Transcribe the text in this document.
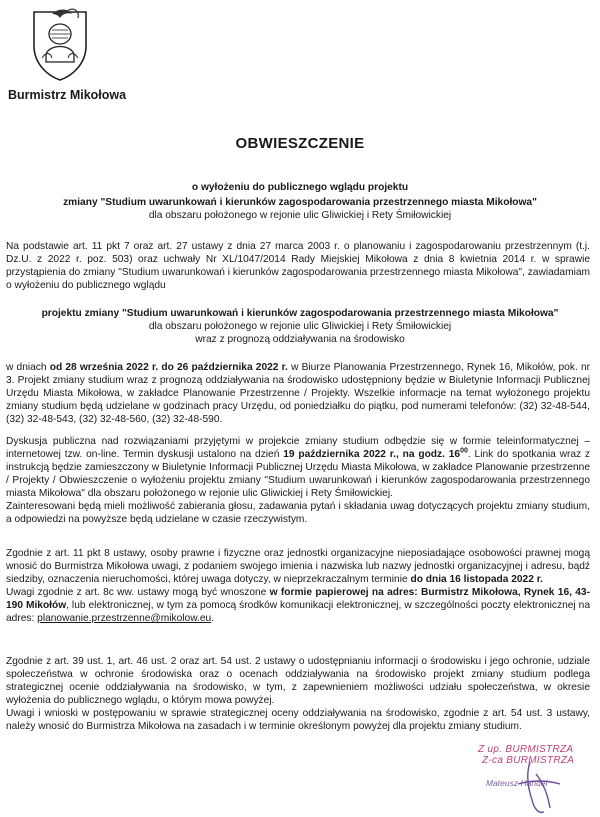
Burmistrz Mikołowa
OBWIESZCZENIE
o wyłożeniu do publicznego wglądu projektu
zmiany "Studium uwarunkowań i kierunków zagospodarowania przestrzennego miasta Mikołowa"
dla obszaru położonego w rejonie ulic Gliwickiej i Rety Śmiłowickiej
Na podstawie art. 11 pkt 7 oraz art. 27 ustawy z dnia 27 marca 2003 r. o planowaniu i zagospodarowaniu przestrzennym (t.j. Dz.U. z 2022 r. poz. 503) oraz uchwały Nr XL/1047/2014 Rady Miejskiej Mikołowa z dnia 8 kwietnia 2014 r. w sprawie przystąpienia do zmiany "Studium uwarunkowań i kierunków zagospodarowania przestrzennego miasta Mikołowa", zawiadamiam o wyłożeniu do publicznego wglądu
projektu zmiany "Studium uwarunkowań i kierunków zagospodarowania przestrzennego miasta Mikołowa"
dla obszaru położonego w rejonie ulic Gliwickiej i Rety Śmiłowickiej
wraz z prognozą oddziaływania na środowisko

w dniach od 28 września 2022 r. do 26 października 2022 r. w Biurze Planowania Przestrzennego, Rynek 16, Mikołów, pok. nr 3. Projekt zmiany studium wraz z prognozą oddziaływania na środowisko udostępniony będzie w Biuletynie Informacji Publicznej Urzędu Miasta Mikołowa, w zakładce Planowanie Przestrzenne / Projekty. Wszelkie informacje na temat wyłożonego projektu zmiany studium będą udzielane w godzinach pracy Urzędu, od poniedziałku do piątku, pod numerami telefonów: (32) 32-48-544, (32) 32-48-543, (32) 32-48-560, (32) 32-48-590.

Dyskusja publiczna nad rozwiązaniami przyjętymi w projekcie zmiany studium odbędzie się w formie teleinformatycznej – internetowej tzw. on-line. Termin dyskusji ustalono na dzień 19 października 2022 r., na godz. $16^{00}$. Link do spotkania wraz z instrukcją będzie zamieszczony w Biuletynie Informacji Publicznej Urzędu Miasta Mikołowa, w zakładce Planowanie przestrzenne / Projekty / Obwieszczenie o wyłożeniu projektu zmiany "Studium uwarunkowań i kierunków zagospodarowania przestrzennego miasta Mikołowa" dla obszaru położonego w rejonie ulic Gliwickiej i Rety Śmiłowickiej.

Zainteresowani będą mieli możliwość zabierania głosu, zadawania pytań i składania uwag dotyczących projektu zmiany studium, a odpowiedzi na powyższe będą udzielane w czasie rzeczywistym.

Zgodnie z art. 11 pkt 8 ustawy, osoby prawne i fizyczne oraz jednostki organizacyjne nieposiadające osobowości prawnej mogą wnosić do Burmistrza Mikołowa uwagi, z podaniem swojego imienia i nazwiska lub nazwy jednostki organizacyjnej i adresu, bądź siedziby, oznaczenia nieruchomości, której uwaga dotyczy, w nieprzekraczalnym terminie do dnia 16 listopada 2022 r.

Uwagi zgodnie z art. 8c ww. ustawy mogą być wnoszone w formie papierowej na adres: Burmistrz Mikołowa, Rynek 16, 43-190 Mikołów, lub elektronicznej, w tym za pomocą środków komunikacji elektronicznej, w szczególności poczty elektronicznej na adres: planowanie.przestrzenne@mikolow.eu.

Zgodnie z art. 39 ust. 1, art. 46 ust. 2 oraz art. 54 ust. 2 ustawy o udostępnianiu informacji o środowisku i jego ochronie, udziale społeczeństwa w ochronie środowiska oraz o ocenach oddziaływania na środowisko projekt zmiany studium podlega strategicznej ocenie oddziaływania na środowisko, w tym, z zapewnieniem możliwości udziału społeczeństwa, w okresie wyłożenia do publicznego wglądu, o którym mowa powyżej.

Uwagi i wnioski w postępowaniu w sprawie strategicznej oceny oddziaływania na środowisko, zgodnie z art. 54 ust. 3 ustawy, należy wnosić do Burmistrza Mikołowa na zasadach i w terminie określonym powyżej dla projektu zmiany studium.

Z up. BURMISTRZA
Z-ca BURMISTRZA
Mateusz Handel
